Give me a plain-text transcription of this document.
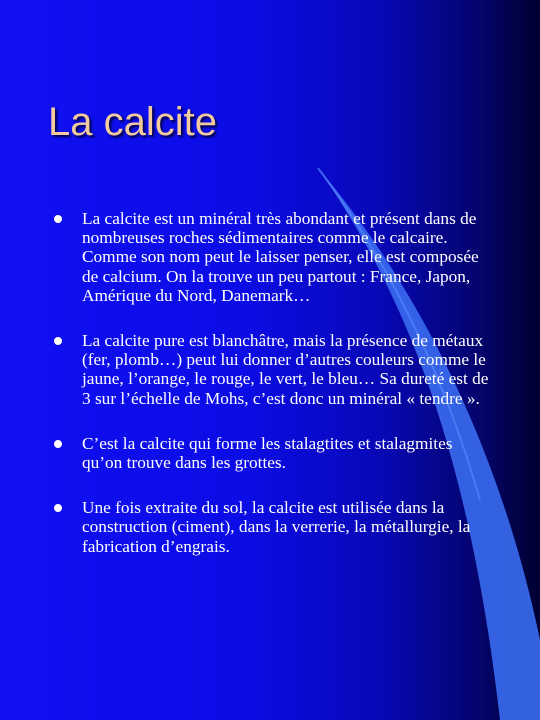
La calcite
La calcite est un minéral très abondant et présent dans de nombreuses roches sédimentaires comme le calcaire. Comme son nom peut le laisser penser, elle est composée de calcium. On la trouve un peu partout : France, Japon, Amérique du Nord, Danemark…
La calcite pure est blanchâtre, mais la présence de métaux (fer, plomb…) peut lui donner d’autres couleurs comme le jaune, l’orange, le rouge, le vert, le bleu… Sa dureté est de 3 sur l’échelle de Mohs, c’est donc un minéral « tendre ».
C’est la calcite qui forme les stalagtites et stalagmites qu’on trouve dans les grottes.
Une fois extraite du sol, la calcite est utilisée dans la construction (ciment), dans la verrerie, la métallurgie, la fabrication d’engrais.
